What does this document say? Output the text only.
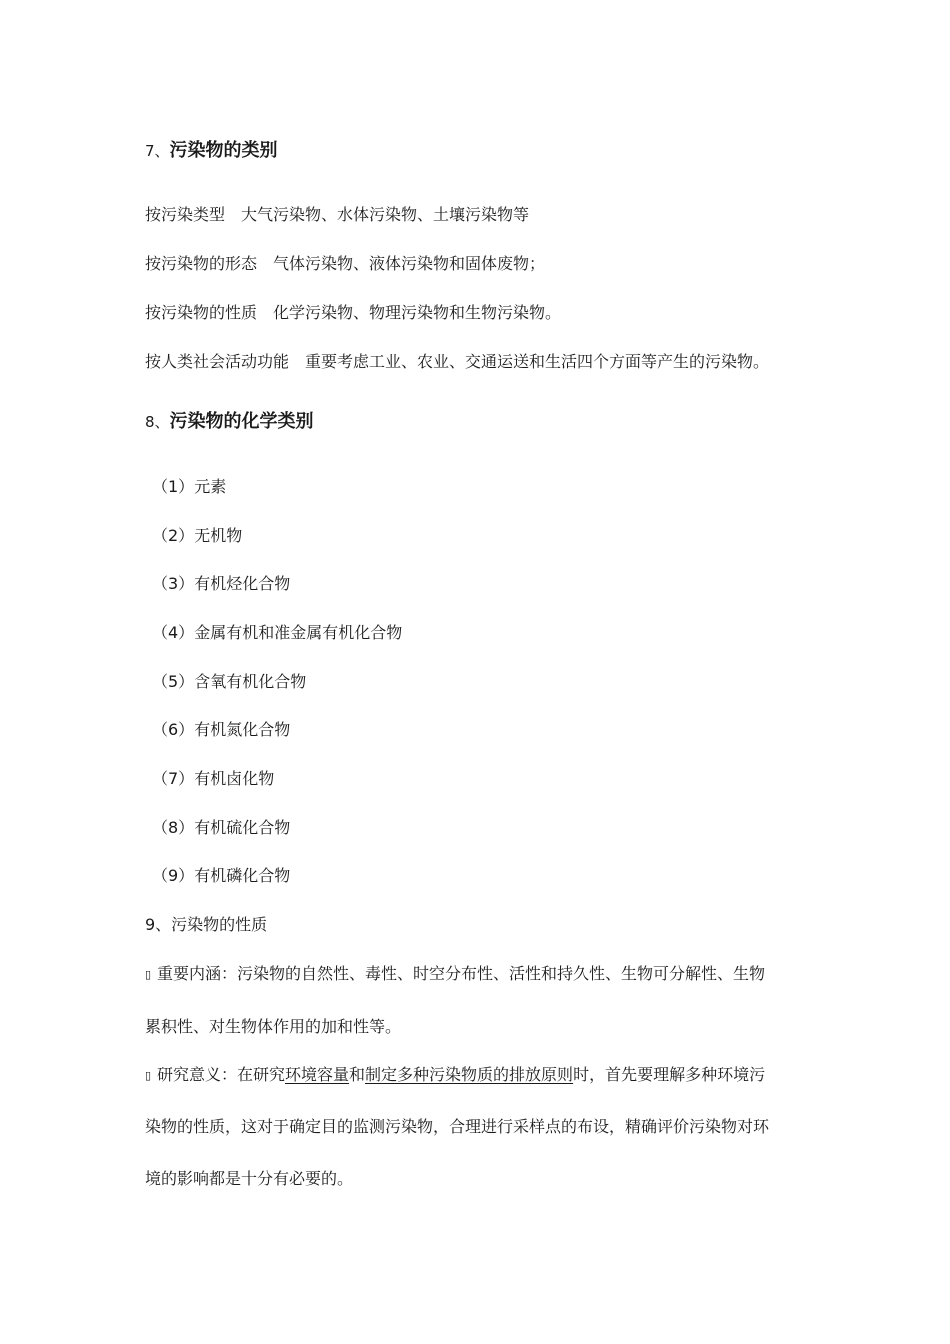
7、污染物的类别
按污染类型 大气污染物、水体污染物、土壤污染物等
按污染物的形态 气体污染物、液体污染物和固体废物；
按污染物的性质 化学污染物、物理污染物和生物污染物。
按人类社会活动功能 重要考虑工业、农业、交通运送和生活四个方面等产生的污染物。
8、污染物的化学类别
（1）元素
（2）无机物
（3）有机烃化合物
（4）金属有机和准金属有机化合物
（5）含氧有机化合物
（6）有机氮化合物
（7）有机卤化物
（8）有机硫化合物
（9）有机磷化合物
9、污染物的性质
▯ 重要内涵：污染物的自然性、毒性、时空分布性、活性和持久性、生物可分解性、生物
累积性、对生物体作用的加和性等。
▯ 研究意义：在研究环境容量和制定多种污染物质的排放原则时，首先要理解多种环境污
染物的性质，这对于确定目的监测污染物，合理进行采样点的布设，精确评价污染物对环
境的影响都是十分有必要的。
